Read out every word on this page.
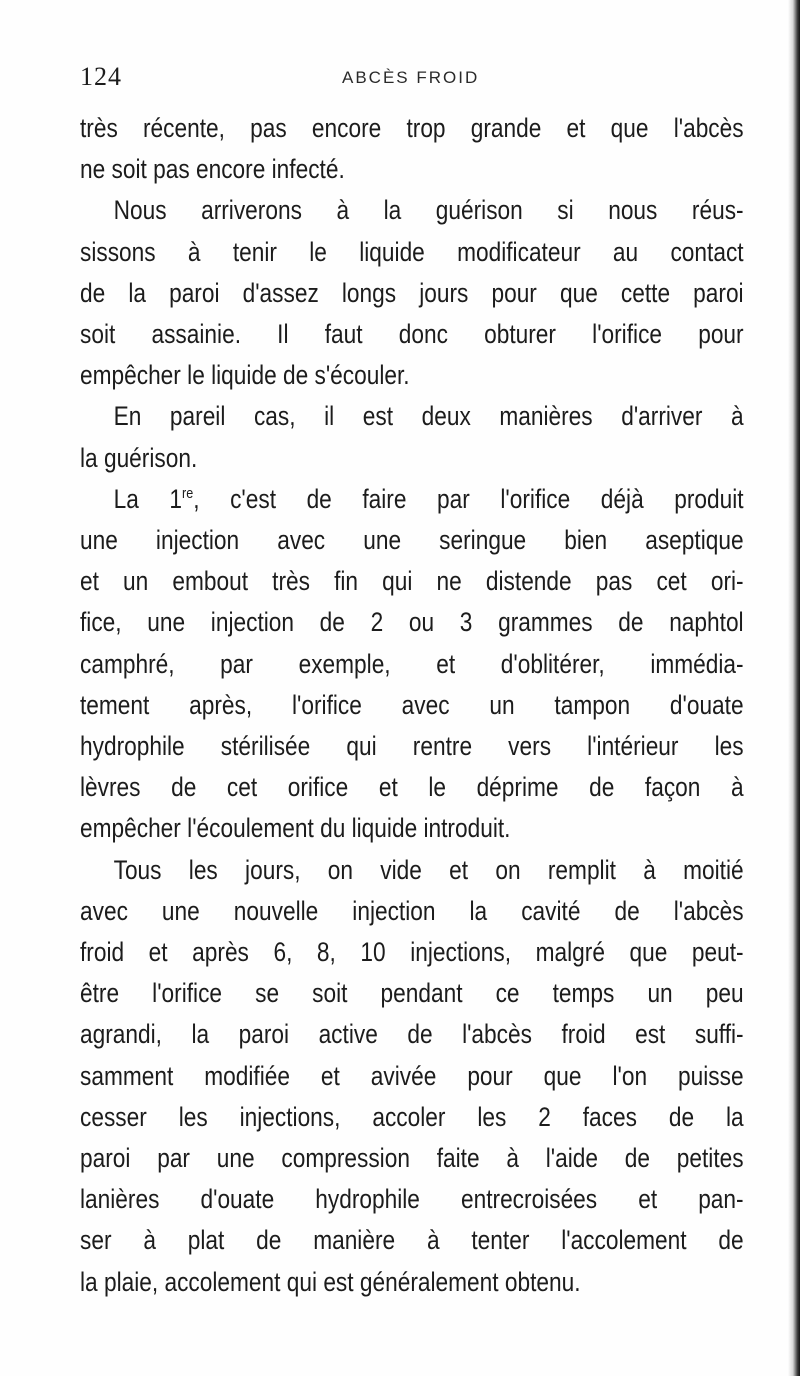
124	ABCÈS FROID
très récente, pas encore trop grande et que l'abcès
ne soit pas encore infecté.
Nous arriverons à la guérison si nous réus-
sissons à tenir le liquide modificateur au contact
de la paroi d'assez longs jours pour que cette paroi
soit assainie. Il faut donc obturer l'orifice pour
empêcher le liquide de s'écouler.
En pareil cas, il est deux manières d'arriver à
la guérison.
La 1re, c'est de faire par l'orifice déjà produit
une injection avec une seringue bien aseptique
et un embout très fin qui ne distende pas cet ori-
fice, une injection de 2 ou 3 grammes de naphtol
camphré, par exemple, et d'oblitérer, immédia-
tement après, l'orifice avec un tampon d'ouate
hydrophile stérilisée qui rentre vers l'intérieur les
lèvres de cet orifice et le déprime de façon à
empêcher l'écoulement du liquide introduit.
Tous les jours, on vide et on remplit à moitié
avec une nouvelle injection la cavité de l'abcès
froid et après 6, 8, 10 injections, malgré que peut-
être l'orifice se soit pendant ce temps un peu
agrandi, la paroi active de l'abcès froid est suffi-
samment modifiée et avivée pour que l'on puisse
cesser les injections, accoler les 2 faces de la
paroi par une compression faite à l'aide de petites
lanières d'ouate hydrophile entrecroisées et pan-
ser à plat de manière à tenter l'accolement de
la plaie, accolement qui est généralement obtenu.
